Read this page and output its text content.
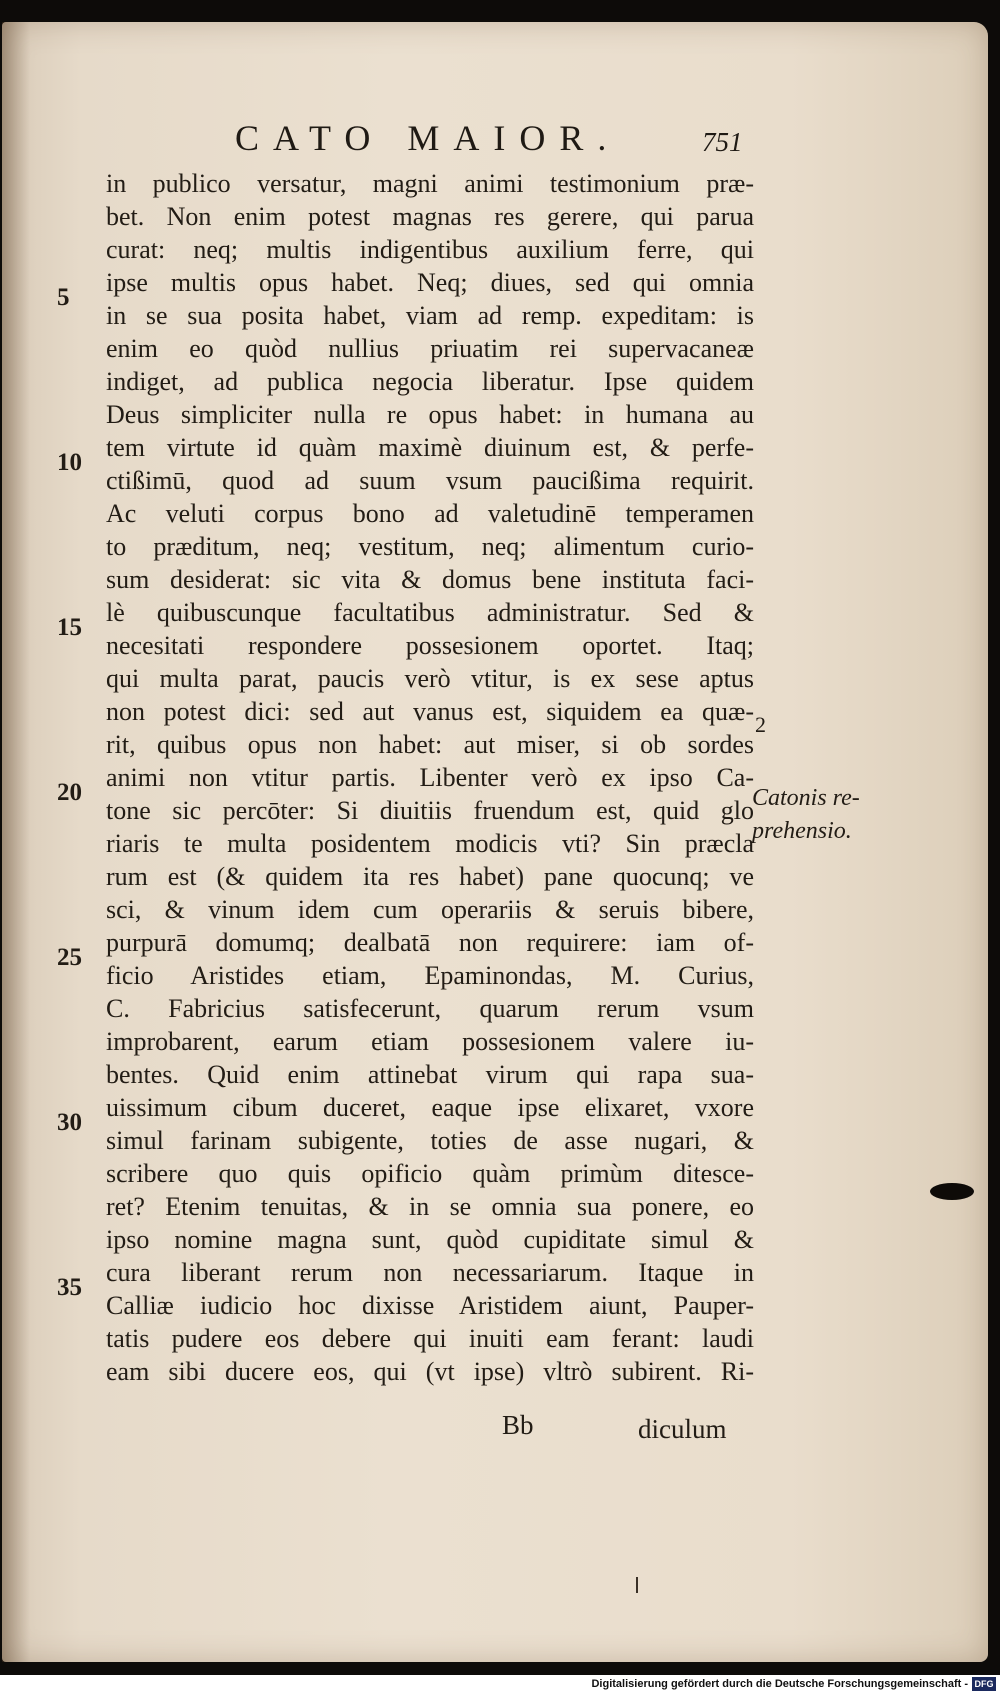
CATO MAIOR.	751
in publico versatur, magni animi testimonium præ-
bet. Non enim potest magnas res gerere, qui parua
curat: neq; multis indigentibus auxilium ferre, qui
ipse multis opus habet. Neq; diues, sed qui omnia
in se sua posita habet, viam ad remp. expeditam: is
enim eo quòd nullius priuatim rei supervacaneæ
indiget, ad publica negocia liberatur. Ipse quidem
Deus simpliciter nulla re opus habet: in humana au
tem virtute id quàm maximè diuinum est, & perfe-
ctißimū, quod ad suum vsum paucißima requirit.
Ac veluti corpus bono ad valetudinē temperamen
to præditum, neq; vestitum, neq; alimentum curio-
sum desiderat: sic vita & domus bene instituta faci-
lè quibuscunque facultatibus administratur. Sed &
necesitati respondere possesionem oportet. Itaq;
qui multa parat, paucis verò vtitur, is ex sese aptus
non potest dici: sed aut vanus est, siquidem ea quæ-
rit, quibus opus non habet: aut miser, si ob sordes
animi non vtitur partis. Libenter verò ex ipso Ca-
tone sic percōter: Si diuitiis fruendum est, quid glo
riaris te multa posidentem modicis vti? Sin præcla
rum est (& quidem ita res habet) pane quocunq; ve
sci, & vinum idem cum operariis & seruis bibere,
purpurā domumq; dealbatā non requirere: iam of-
ficio Aristides etiam, Epaminondas, M. Curius,
C. Fabricius satisfecerunt, quarum rerum vsum
improbarent, earum etiam possesionem valere iu-
bentes. Quid enim attinebat virum qui rapa sua-
uissimum cibum duceret, eaque ipse elixaret, vxore
simul farinam subigente, toties de asse nugari, &
scribere quo quis opificio quàm primùm ditesce-
ret? Etenim tenuitas, & in se omnia sua ponere, eo
ipso nomine magna sunt, quòd cupiditate simul &
cura liberant rerum non necessariarum. Itaque in
Calliæ iudicio hoc dixisse Aristidem aiunt, Pauper-
tatis pudere eos debere qui inuiti eam ferant: laudi
eam sibi ducere eos, qui (vt ipse) vltrò subirent. Ri-
5
10
15
20
25
30
35
2
Catonis re-
prehensio.
Bb	diculum
Digitalisierung gefördert durch die Deutsche Forschungsgemeinschaft - DFG
